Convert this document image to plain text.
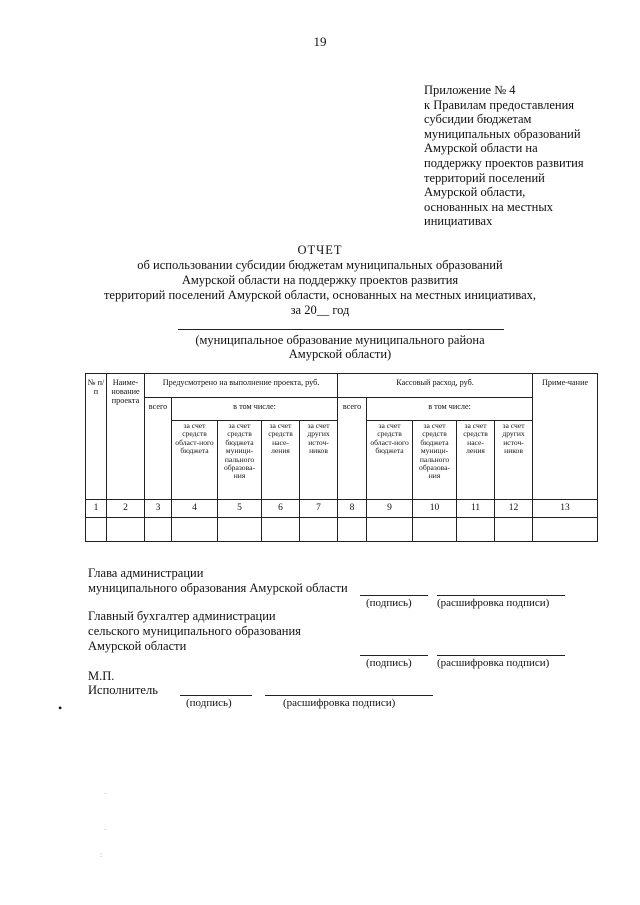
19
Приложение № 4
к Правилам предоставления
субсидии бюджетам
муниципальных образований
Амурской области на
поддержку проектов развития
территорий поселений
Амурской области,
основанных на местных
инициативах
ОТЧЕТ
об использовании субсидии бюджетам муниципальных образований
Амурской области на поддержку проектов развития
территорий поселений Амурской области, основанных на местных инициативах,
за 20__ год
(муниципальное образование муниципального района
Амурской области)
№ п/ п	Наиме-нование проекта	Предусмотрено на выполнение проекта, руб.					Кассовый расход, руб.					Приме-чание
		всего	в том числе:				всего	в том числе:				
			за счет средств област-ного бюджета	за счет средств бюджета муници-пального образова-ния	за счет средств насе-ления	за счет других источ-ников		за счет средств област-ного бюджета	за счет средств бюджета муници-пального образова-ния	за счет средств насе-ления	за счет других источ-ников	
1	2	3	4	5	6	7	8	9	10	11	12	13

Глава администрации
муниципального образования Амурской области
(подпись) (расшифровка подписи)
Главный бухгалтер администрации
сельского муниципального образования
Амурской области
(подпись) (расшифровка подписи)
М.П.
Исполнитель
(подпись)	(расшифровка подписи)
•
·
·
:
